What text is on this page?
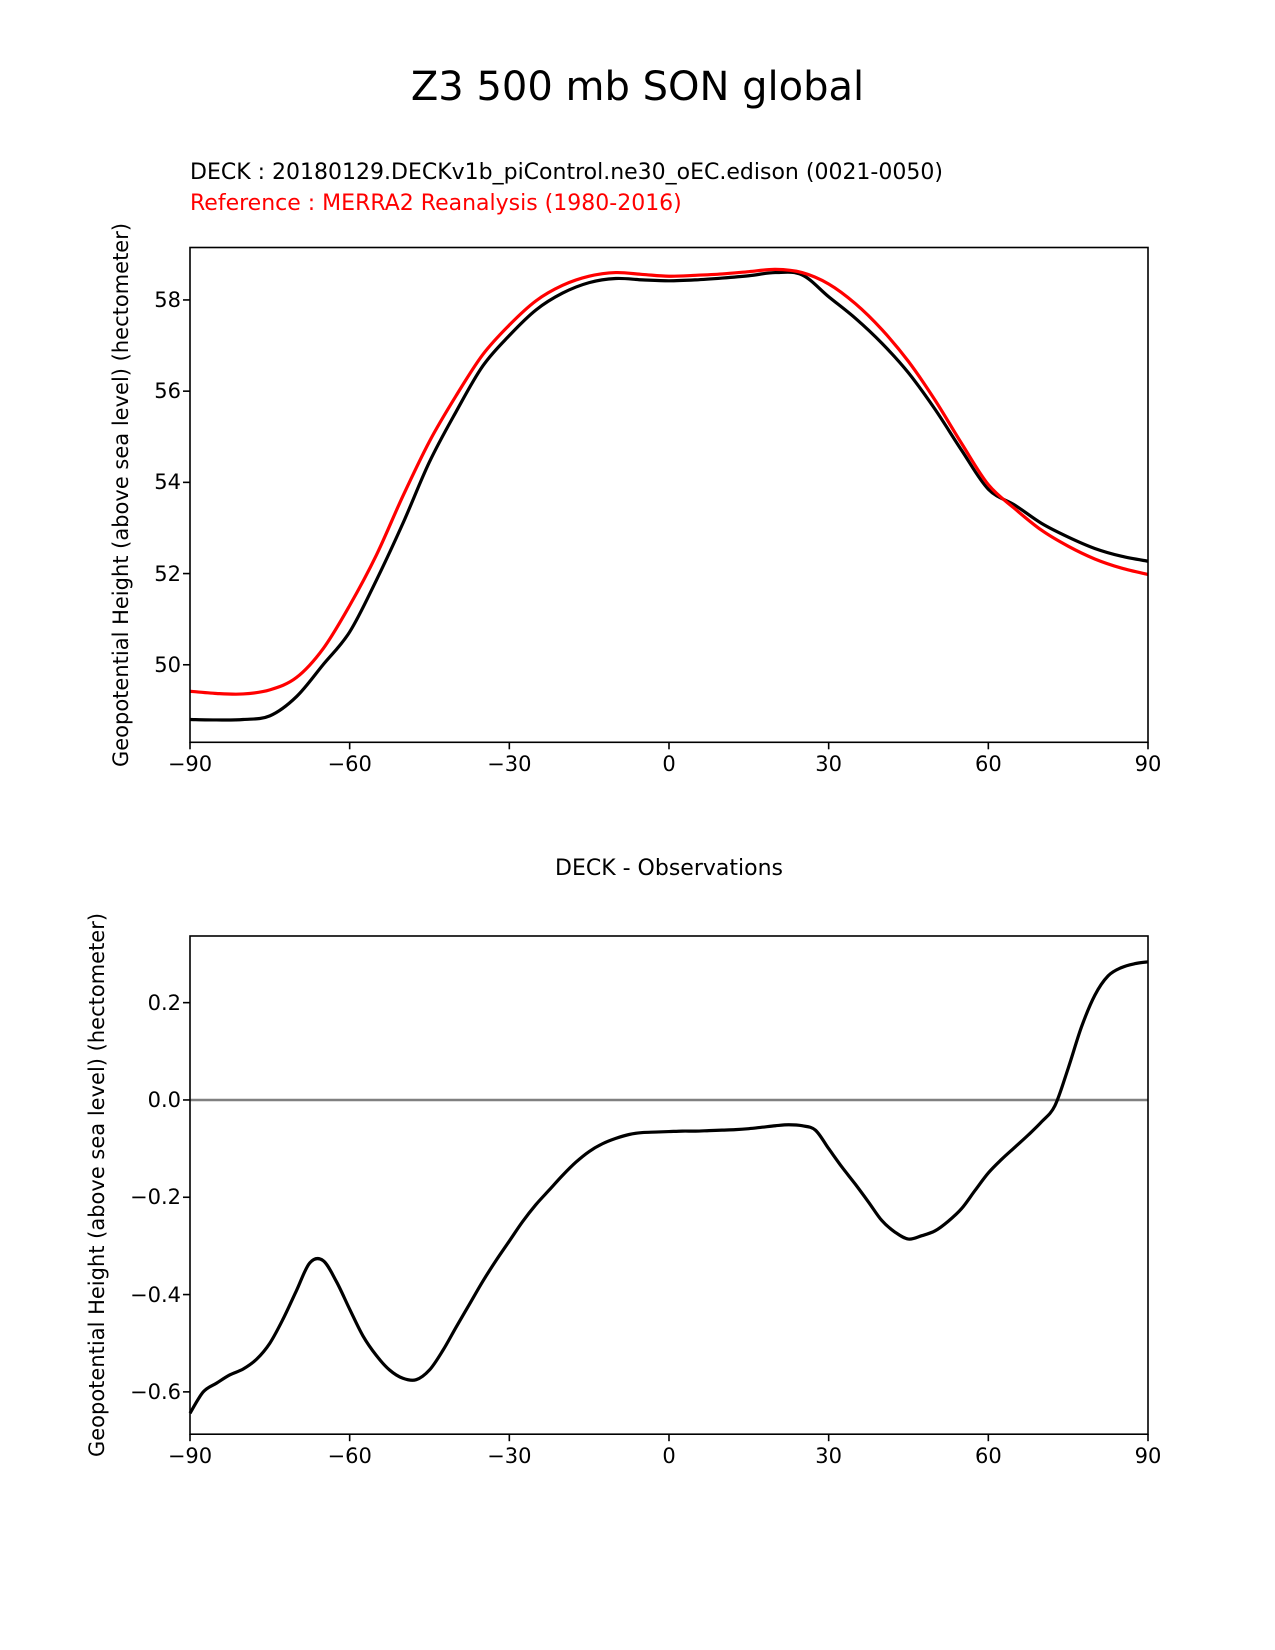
Z3 500 mb SON global
DECK : 20180129.DECKv1b_piControl.ne30_oEC.edison (0021-0050)
Reference : MERRA2 Reanalysis (1980-2016)
DECK - Observations
Geopotential Height (above sea level) (hectometer)
Geopotential Height (above sea level) (hectometer)
−90	−60	−30	0	30	60	90
50
52
54
56
58
−90	−60	−30	0	30	60	90
0.2
0.0
−0.2
−0.4
−0.6
